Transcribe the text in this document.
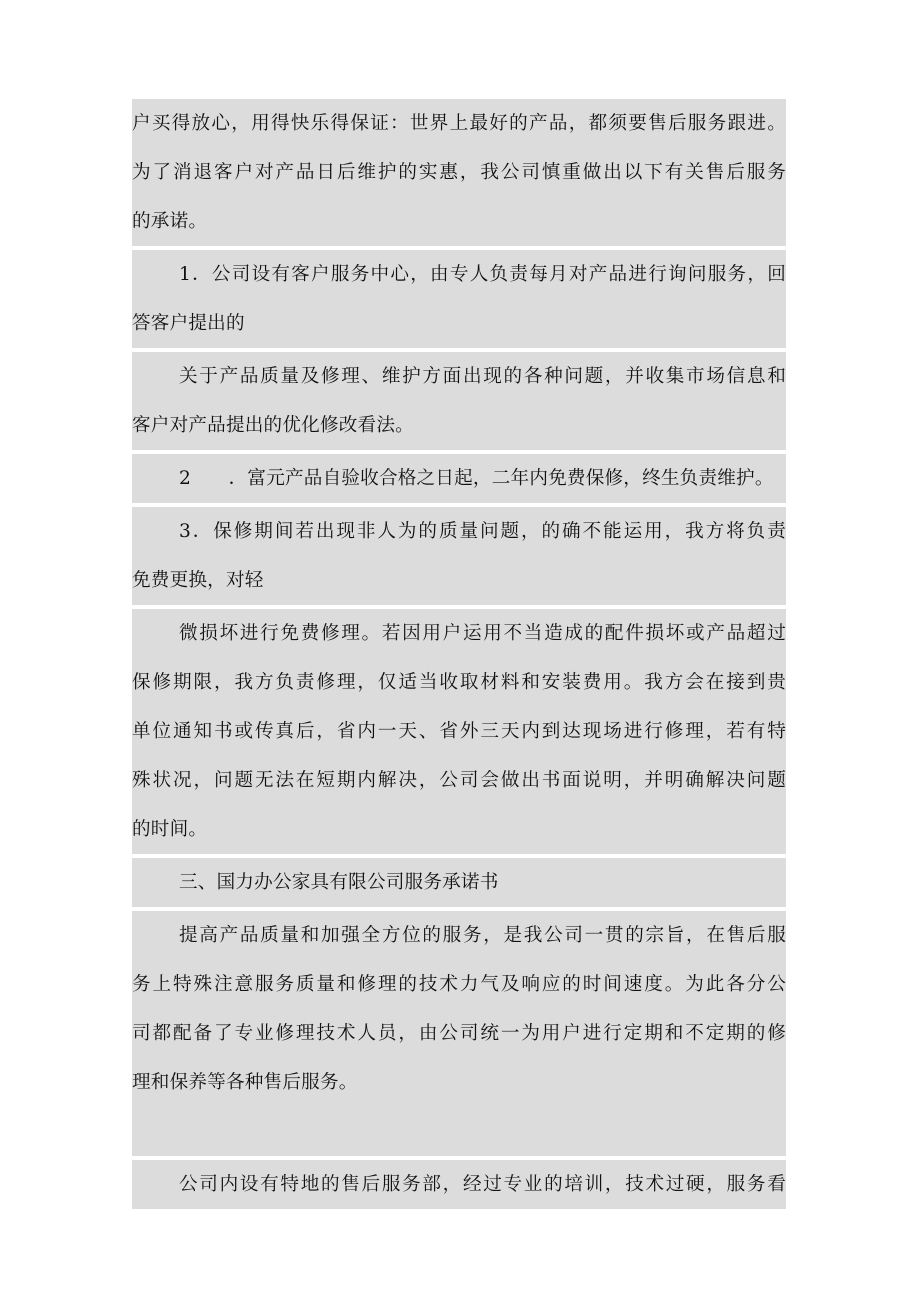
户买得放心，用得快乐得保证：世界上最好的产品，都须要售后服务跟进。
为了消退客户对产品日后维护的实惠，我公司慎重做出以下有关售后服务
的承诺。
1．公司设有客户服务中心，由专人负责每月对产品进行询问服务，回
答客户提出的
关于产品质量及修理、维护方面出现的各种问题，并收集市场信息和
客户对产品提出的优化修改看法。
2　　．富元产品自验收合格之日起，二年内免费保修，终生负责维护。
3．保修期间若出现非人为的质量问题，的确不能运用，我方将负责
免费更换，对轻
微损坏进行免费修理。若因用户运用不当造成的配件损坏或产品超过
保修期限，我方负责修理，仅适当收取材料和安装费用。我方会在接到贵
单位通知书或传真后，省内一天、省外三天内到达现场进行修理，若有特
殊状况，问题无法在短期内解决，公司会做出书面说明，并明确解决问题
的时间。
三、国力办公家具有限公司服务承诺书
提高产品质量和加强全方位的服务，是我公司一贯的宗旨，在售后服
务上特殊注意服务质量和修理的技术力气及响应的时间速度。为此各分公
司都配备了专业修理技术人员，由公司统一为用户进行定期和不定期的修
理和保养等各种售后服务。
公司内设有特地的售后服务部，经过专业的培训，技术过硬，服务看
